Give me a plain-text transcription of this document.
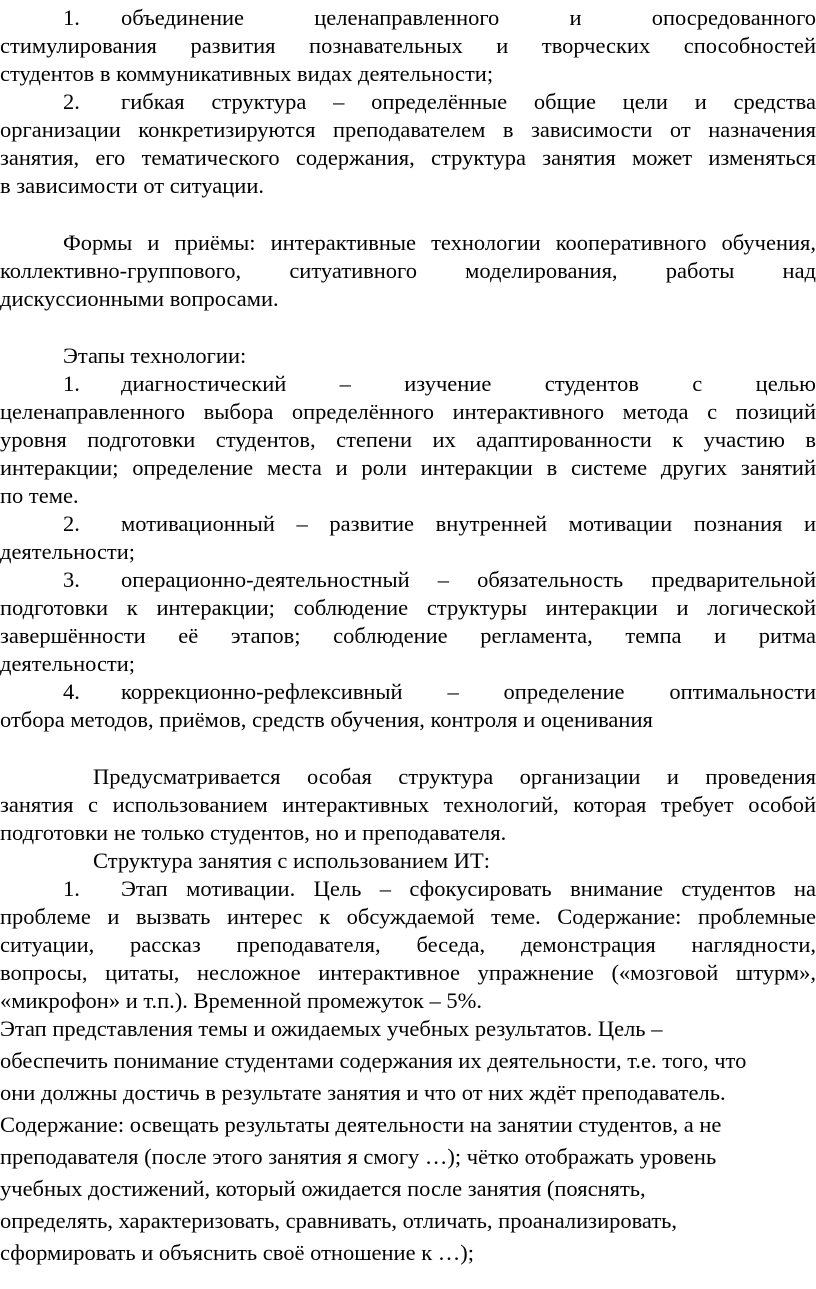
1. объединение целенаправленного и опосредованного
стимулирования развития познавательных и творческих способностей
студентов в коммуникативных видах деятельности;
2. гибкая структура – определённые общие цели и средства
организации конкретизируются преподавателем в зависимости от назначения
занятия, его тематического содержания, структура занятия может изменяться
в зависимости от ситуации.
Формы и приёмы: интерактивные технологии кооперативного обучения,
коллективно-группового, ситуативного моделирования, работы над
дискуссионными вопросами.
Этапы технологии:
1. диагностический – изучение студентов с целью
целенаправленного выбора определённого интерактивного метода с позиций
уровня подготовки студентов, степени их адаптированности к участию в
интеракции; определение места и роли интеракции в системе других занятий
по теме.
2. мотивационный – развитие внутренней мотивации познания и
деятельности;
3. операционно-деятельностный – обязательность предварительной
подготовки к интеракции; соблюдение структуры интеракции и логической
завершённости её этапов; соблюдение регламента, темпа и ритма
деятельности;
4. коррекционно-рефлексивный – определение оптимальности
отбора методов, приёмов, средств обучения, контроля и оценивания
Предусматривается особая структура организации и проведения
занятия с использованием интерактивных технологий, которая требует особой
подготовки не только студентов, но и преподавателя.
Структура занятия с использованием ИТ:
1. Этап мотивации. Цель – сфокусировать внимание студентов на
проблеме и вызвать интерес к обсуждаемой теме. Содержание: проблемные
ситуации, рассказ преподавателя, беседа, демонстрация наглядности,
вопросы, цитаты, несложное интерактивное упражнение («мозговой штурм»,
«микрофон» и т.п.). Временной промежуток – 5%.
Этап представления темы и ожидаемых учебных результатов. Цель –
обеспечить понимание студентами содержания их деятельности, т.е. того, что
они должны достичь в результате занятия и что от них ждёт преподаватель.
Содержание: освещать результаты деятельности на занятии студентов, а не
преподавателя (после этого занятия я смогу …); чётко отображать уровень
учебных достижений, который ожидается после занятия (пояснять,
определять, характеризовать, сравнивать, отличать, проанализировать,
сформировать и объяснить своё отношение к …);
